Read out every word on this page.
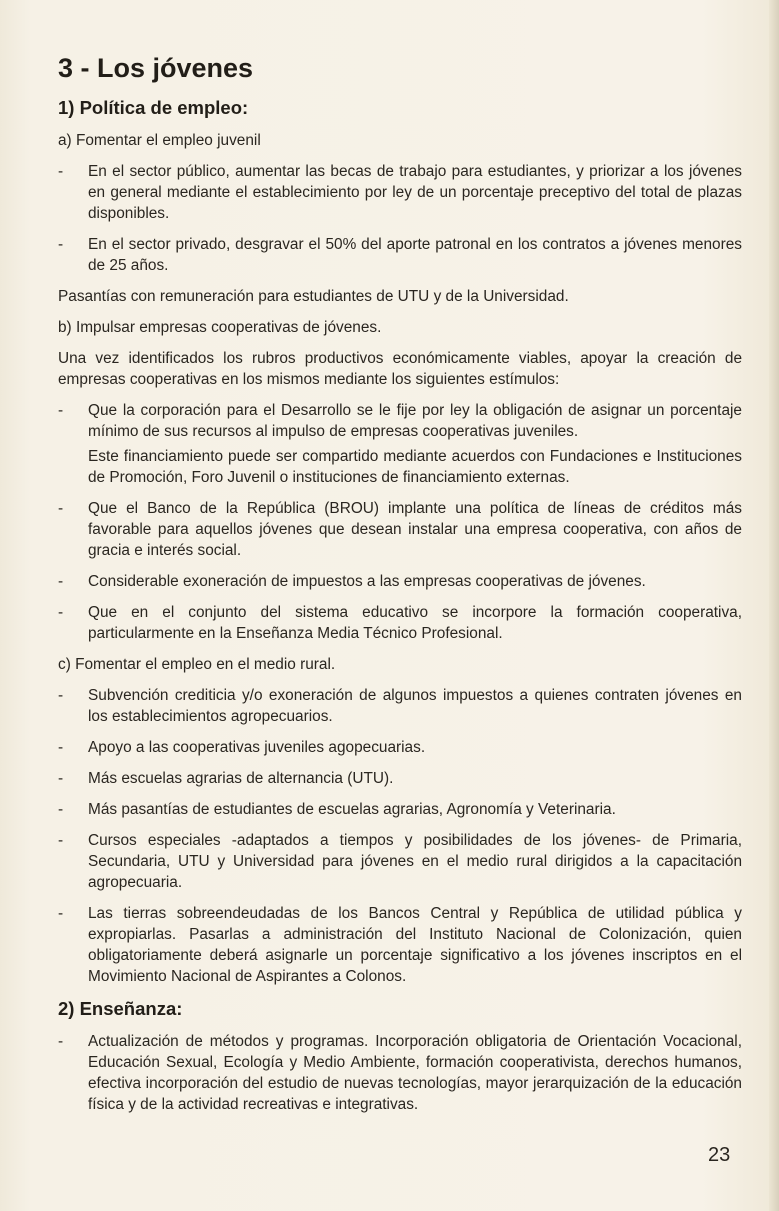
3 - Los jóvenes
1) Política de empleo:

a) Fomentar el empleo juvenil

-	En el sector público, aumentar las becas de trabajo para estudiantes, y priorizar a los jóvenes en general mediante el establecimiento por ley de un porcentaje preceptivo del total de plazas disponibles.
-	En el sector privado, desgravar el 50% del aporte patronal en los contratos a jóvenes menores de 25 años.

Pasantías con remuneración para estudiantes de UTU y de la Universidad.

b) Impulsar empresas cooperativas de jóvenes.

Una vez identificados los rubros productivos económicamente viables, apoyar la creación de empresas cooperativas en los mismos mediante los siguientes estímulos:

-	Que la corporación para el Desarrollo se le fije por ley la obligación de asignar un porcentaje mínimo de sus recursos al impulso de empresas cooperativas juveniles.
Este financiamiento puede ser compartido mediante acuerdos con Fundaciones e Instituciones de Promoción, Foro Juvenil o instituciones de financiamiento externas.
-	Que el Banco de la República (BROU) implante una política de líneas de créditos más favorable para aquellos jóvenes que desean instalar una empresa cooperativa, con años de gracia e interés social.
-	Considerable exoneración de impuestos a las empresas cooperativas de jóvenes.
-	Que en el conjunto del sistema educativo se incorpore la formación cooperativa, particularmente en la Enseñanza Media Técnico Profesional.

c) Fomentar el empleo en el medio rural.

-	Subvención crediticia y/o exoneración de algunos impuestos a quienes contraten jóvenes en los establecimientos agropecuarios.
-	Apoyo a las cooperativas juveniles agopecuarias.
-	Más escuelas agrarias de alternancia (UTU).
-	Más pasantías de estudiantes de escuelas agrarias, Agronomía y Veterinaria.
-	Cursos especiales -adaptados a tiempos y posibilidades de los jóvenes- de Primaria, Secundaria, UTU y Universidad para jóvenes en el medio rural dirigidos a la capacitación agropecuaria.
-	Las tierras sobreendeudadas de los Bancos Central y República de utilidad pública y expropiarlas. Pasarlas a administración del Instituto Nacional de Colonización, quien obligatoriamente deberá asignarle un porcentaje significativo a los jóvenes inscriptos en el Movimiento Nacional de Aspirantes a Colonos.
2) Enseñanza:
-	Actualización de métodos y programas. Incorporación obligatoria de Orientación Vocacional, Educación Sexual, Ecología y Medio Ambiente, formación cooperativista, derechos humanos, efectiva incorporación del estudio de nuevas tecnologías, mayor jerarquización de la educación física y de la actividad recreativas e integrativas.
23
